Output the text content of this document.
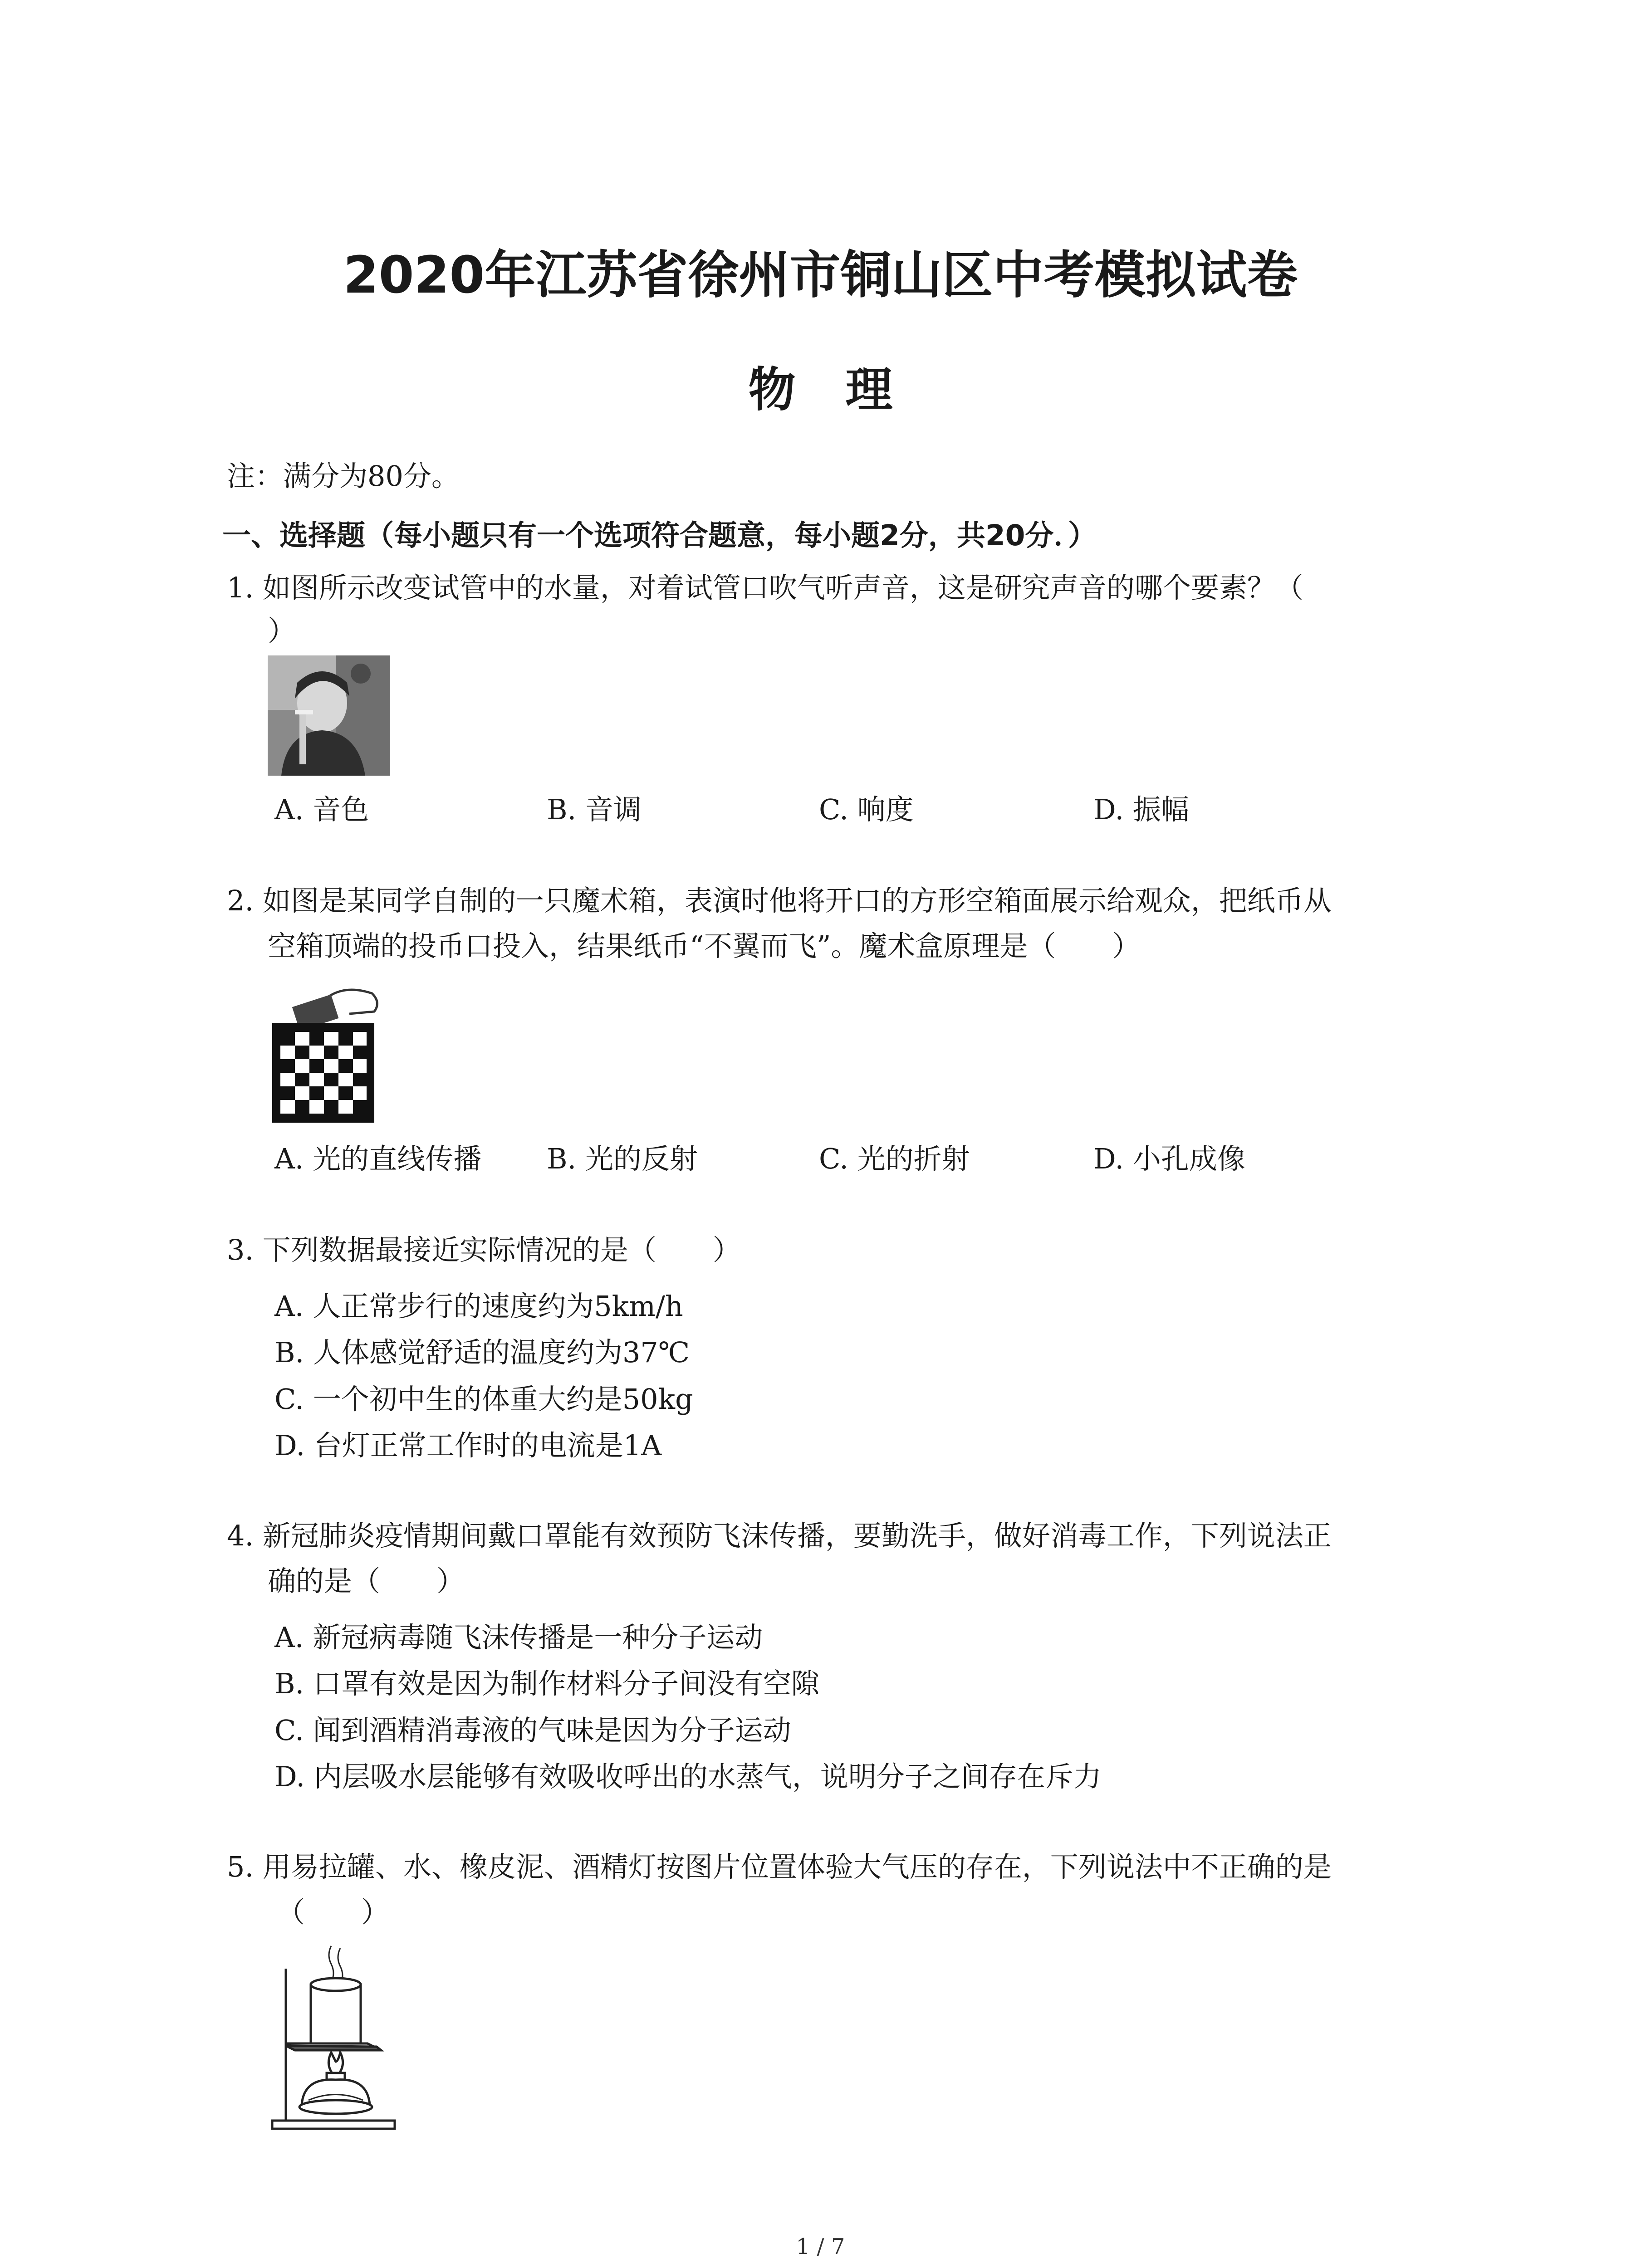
2020年江苏省徐州市铜山区中考模拟试卷
物理
注：满分为80分。
一、选择题（每小题只有一个选项符合题意，每小题2分，共20分．）
1. 如图所示改变试管中的水量，对着试管口吹气听声音，这是研究声音的哪个要素？（
）
A. 音色	B. 音调	C. 响度	D. 振幅
2. 如图是某同学自制的一只魔术箱，表演时他将开口的方形空箱面展示给观众，把纸币从
空箱顶端的投币口投入，结果纸币“不翼而飞”。魔术盒原理是（　　）
A. 光的直线传播 B. 光的反射	C. 光的折射	D. 小孔成像
3. 下列数据最接近实际情况的是（　　）
A. 人正常步行的速度约为5km/h
B. 人体感觉舒适的温度约为37℃
C. 一个初中生的体重大约是50kg
D. 台灯正常工作时的电流是1A
4. 新冠肺炎疫情期间戴口罩能有效预防飞沫传播，要勤洗手，做好消毒工作，下列说法正
确的是（　　）
A. 新冠病毒随飞沫传播是一种分子运动
B. 口罩有效是因为制作材料分子间没有空隙
C. 闻到酒精消毒液的气味是因为分子运动
D. 内层吸水层能够有效吸收呼出的水蒸气，说明分子之间存在斥力
5. 用易拉罐、水、橡皮泥、酒精灯按图片位置体验大气压的存在，下列说法中不正确的是
（　　）
1 / 7
